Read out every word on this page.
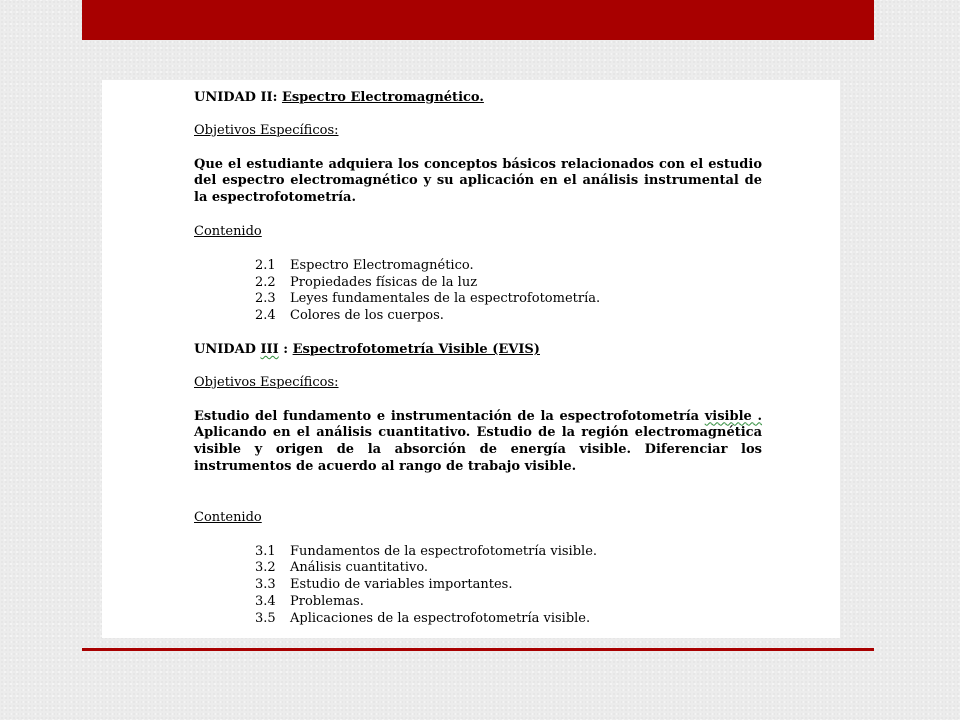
UNIDAD II: Espectro Electromagnético.

Objetivos Específicos:

Que el estudiante adquiera los conceptos básicos relacionados con el estudio del espectro electromagnético y su aplicación en el análisis instrumental de la espectrofotometría.

Contenido

2.1 Espectro Electromagnético.
2.2 Propiedades físicas de la luz
2.3 Leyes fundamentales de la espectrofotometría.
2.4 Colores de los cuerpos.

UNIDAD III : Espectrofotometría Visible (EVIS)

Objetivos Específicos:

Estudio del fundamento e instrumentación de la espectrofotometría visible . Aplicando en el análisis cuantitativo. Estudio de la región electromagnética visible y origen de la absorción de energía visible. Diferenciar los instrumentos de acuerdo al rango de trabajo visible.

Contenido

3.1 Fundamentos de la espectrofotometría visible.
3.2 Análisis cuantitativo.
3.3 Estudio de variables importantes.
3.4 Problemas.
3.5 Aplicaciones de la espectrofotometría visible.
